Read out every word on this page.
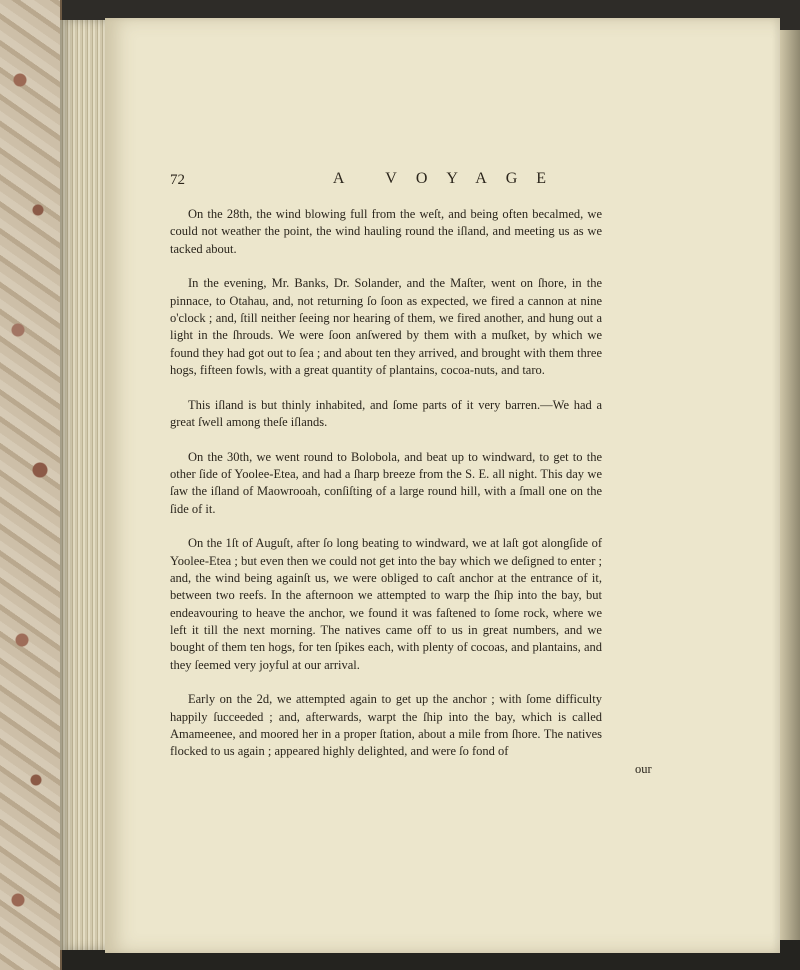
72	A VOYAGE

On the 28th, the wind blowing full from the weſt, and being often becalmed, we could not weather the point, the wind hauling round the iſland, and meeting us as we tacked about.

In the evening, Mr. Banks, Dr. Solander, and the Maſter, went on ſhore, in the pinnace, to Otahau, and, not returning ſo ſoon as expected, we fired a cannon at nine o'clock ; and, ſtill neither ſeeing nor hearing of them, we fired another, and hung out a light in the ſhrouds. We were ſoon anſwered by them with a muſket, by which we found they had got out to ſea ; and about ten they arrived, and brought with them three hogs, fifteen fowls, with a great quantity of plantains, cocoa-nuts, and taro.

This iſland is but thinly inhabited, and ſome parts of it very barren.—We had a great ſwell among theſe iſlands.

On the 30th, we went round to Bolobola, and beat up to windward, to get to the other ſide of Yoolee-Etea, and had a ſharp breeze from the S. E. all night. This day we ſaw the iſland of Maowrooah, conſiſting of a large round hill, with a ſmall one on the ſide of it.

On the 1ſt of Auguſt, after ſo long beating to windward, we at laſt got alongſide of Yoolee-Etea ; but even then we could not get into the bay which we deſigned to enter ; and, the wind being againſt us, we were obliged to caſt anchor at the entrance of it, between two reefs. In the afternoon we attempted to warp the ſhip into the bay, but endeavouring to heave the anchor, we found it was faſtened to ſome rock, where we left it till the next morning. The natives came off to us in great numbers, and we bought of them ten hogs, for ten ſpikes each, with plenty of cocoas, and plantains, and they ſeemed very joyful at our arrival.

Early on the 2d, we attempted again to get up the anchor ; with ſome difficulty happily ſucceeded ; and, afterwards, warpt the ſhip into the bay, which is called Amameenee, and moored her in a proper ſtation, about a mile from ſhore. The natives flocked to us again ; appeared highly delighted, and were ſo fond of

our
